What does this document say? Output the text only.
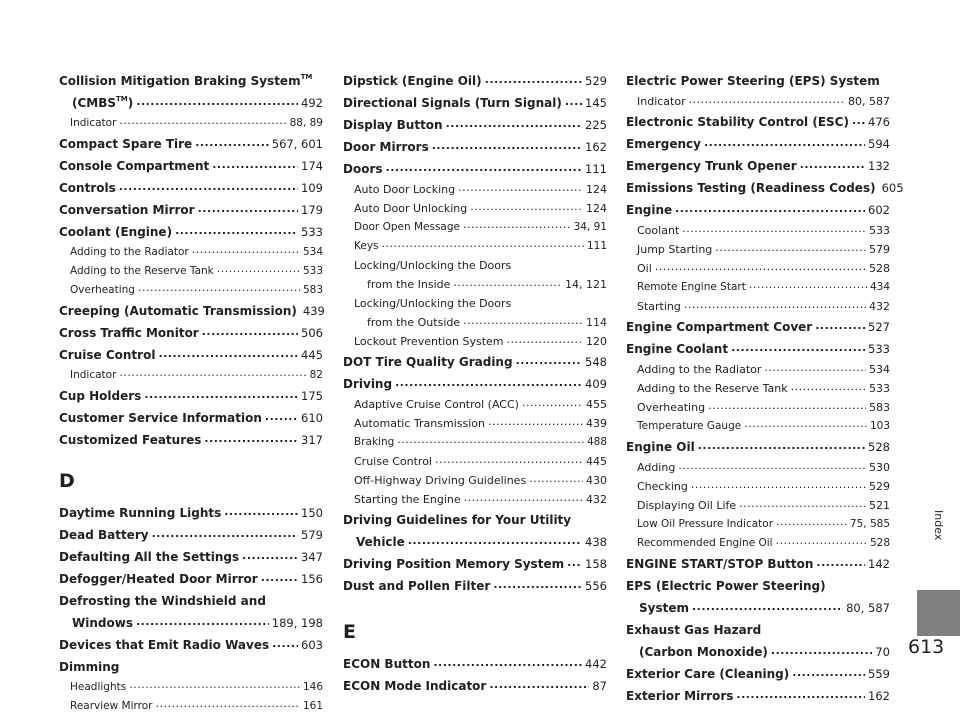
Collision Mitigation Braking System™
(CMBS™) .....	492
Indicator .....	88, 89
Compact Spare Tire .....	567, 601
Console Compartment .....	174
Controls .....	109
Conversation Mirror .....	179
Coolant (Engine) .....	533
Adding to the Radiator .....	534
Adding to the Reserve Tank .....	533
Overheating .....	583
Creeping (Automatic Transmission) 439
Cross Traffic Monitor .....	506
Cruise Control .....	445
Indicator .....	82
Cup Holders .....	175
Customer Service Information .....	610
Customized Features .....	317
D
Daytime Running Lights .....	150
Dead Battery .....	579
Defaulting All the Settings .....	347
Defogger/Heated Door Mirror .....	156
Defrosting the Windshield and
Windows .....	189, 198
Devices that Emit Radio Waves .....	603
Dimming
Headlights .....	146
Rearview Mirror .....	161
Dipstick (Engine Oil) .....	529
Directional Signals (Turn Signal) ..... 145
Display Button .....	225
Door Mirrors .....	162
Doors .....	111
Auto Door Locking .....	124
Auto Door Unlocking .....	124
Door Open Message .....	34, 91
Keys .....	111
Locking/Unlocking the Doors
from the Inside .....	14, 121
Locking/Unlocking the Doors
from the Outside .....	114
Lockout Prevention System .....	120
DOT Tire Quality Grading .....	548
Driving .....	409
Adaptive Cruise Control (ACC) .....	455
Automatic Transmission .....	439
Braking .....	488
Cruise Control .....	445
Off-Highway Driving Guidelines .....	430
Starting the Engine .....	432
Driving Guidelines for Your Utility
Vehicle .....	438
Driving Position Memory System ..... 158
Dust and Pollen Filter .....	556
E
ECON Button .....	442
ECON Mode Indicator .....	87
Electric Power Steering (EPS) System
Indicator .....	80, 587
Electronic Stability Control (ESC) ..... 476
Emergency .....	594
Emergency Trunk Opener .....	132
Emissions Testing (Readiness Codes) 605
Engine .....	602
Coolant .....	533
Jump Starting .....	579
Oil .....	528
Remote Engine Start .....	434
Starting .....	432
Engine Compartment Cover .....	527
Engine Coolant .....	533
Adding to the Radiator .....	534
Adding to the Reserve Tank .....	533
Overheating .....	583
Temperature Gauge .....	103
Engine Oil .....	528
Adding .....	530
Checking .....	529
Displaying Oil Life .....	521
Low Oil Pressure Indicator .....	75, 585
Recommended Engine Oil .....	528
ENGINE START/STOP Button .....	142
EPS (Electric Power Steering)
System .....	80, 587
Exhaust Gas Hazard
(Carbon Monoxide) .....	70
Exterior Care (Cleaning) .....	559
Exterior Mirrors .....	162
Index
613
